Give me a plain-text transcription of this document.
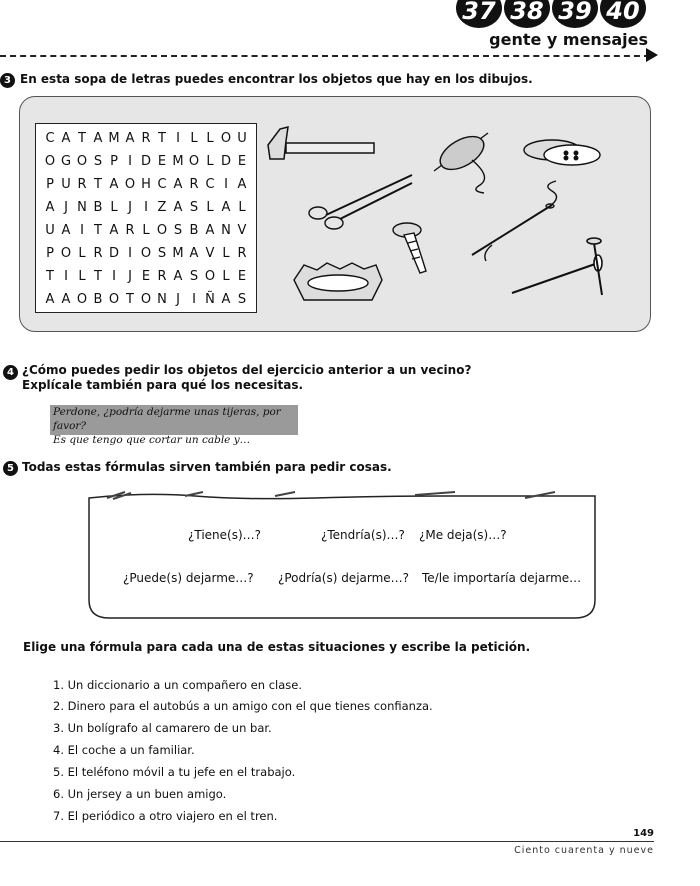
37 38 39 40
gente y mensajes
3 En esta sopa de letras puedes encontrar los objetos que hay en los dibujos.
C A T A M A R T I L L O U
O G O S P I D E M O L D E
P U R T A O H C A R C I A
A J N B L J I Z A S L A L
U A I T A R L O S B A N V
P O L R D I O S M A V L R
T I L T I J E R A S O L E
A A O B O T O N J I Ñ A S
4 ¿Cómo puedes pedir los objetos del ejercicio anterior a un vecino?
Explícale también para qué los necesitas.
Perdone, ¿podría dejarme unas tijeras, por favor?
Es que tengo que cortar un cable y…
5 Todas estas fórmulas sirven también para pedir cosas.
¿Tiene(s)…?	¿Tendría(s)…? ¿Me deja(s)…?
¿Puede(s) dejarme…? ¿Podría(s) dejarme…? Te/le importaría dejarme…
Elige una fórmula para cada una de estas situaciones y escribe la petición.
1. Un diccionario a un compañero en clase.
2. Dinero para el autobús a un amigo con el que tienes confianza.
3. Un bolígrafo al camarero de un bar.
4. El coche a un familiar.
5. El teléfono móvil a tu jefe en el trabajo.
6. Un jersey a un buen amigo.
7. El periódico a otro viajero en el tren.
149
Ciento cuarenta y nueve
